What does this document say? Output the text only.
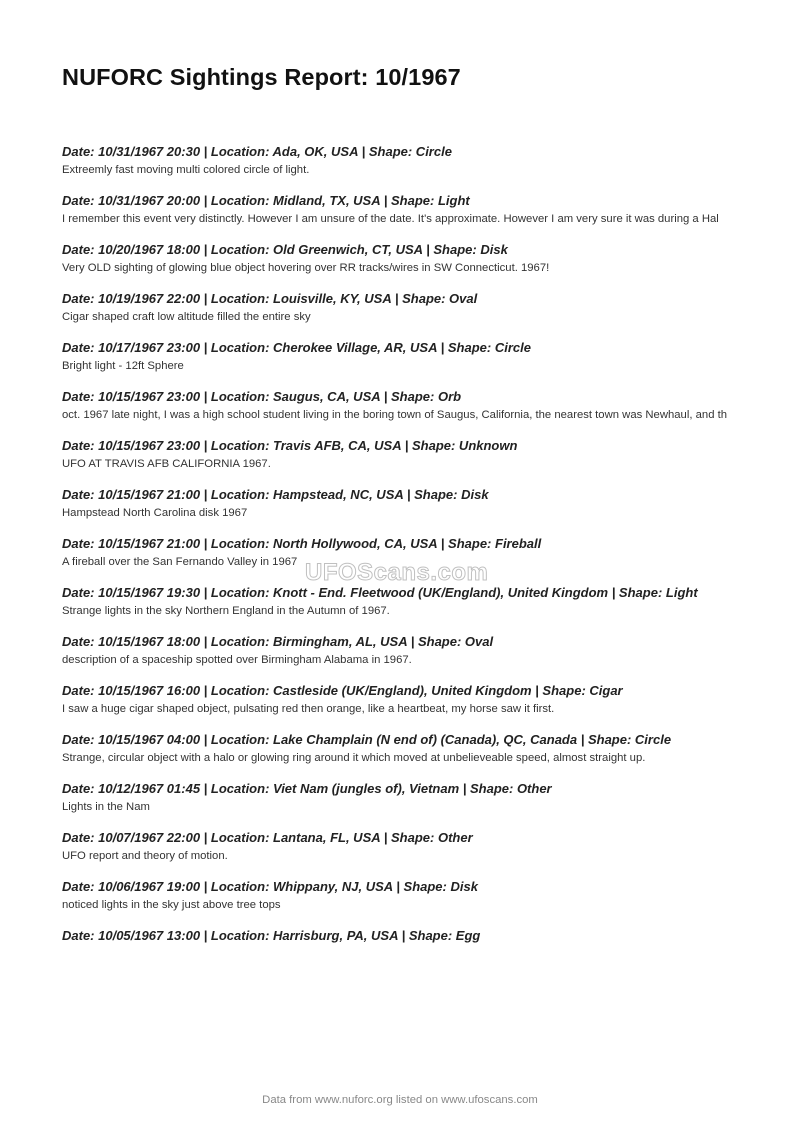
NUFORC Sightings Report: 10/1967
Date: 10/31/1967 20:30 | Location: Ada, OK, USA | Shape: Circle
Extreemly fast moving multi colored circle of light.
Date: 10/31/1967 20:00 | Location: Midland, TX, USA | Shape: Light
I remember this event very distinctly. However I am unsure of the date. It's approximate. However I am very sure it was during a Hal
Date: 10/20/1967 18:00 | Location: Old Greenwich, CT, USA | Shape: Disk
Very OLD sighting of glowing blue object hovering over RR tracks/wires in SW Connecticut. 1967!
Date: 10/19/1967 22:00 | Location: Louisville, KY, USA | Shape: Oval
Cigar shaped craft low altitude filled the entire sky
Date: 10/17/1967 23:00 | Location: Cherokee Village, AR, USA | Shape: Circle
Bright light - 12ft Sphere
Date: 10/15/1967 23:00 | Location: Saugus, CA, USA | Shape: Orb
oct. 1967 late night, I was a high school student living in the boring town of Saugus, California, the nearest town was Newhaul, and th
Date: 10/15/1967 23:00 | Location: Travis AFB, CA, USA | Shape: Unknown
UFO AT TRAVIS AFB CALIFORNIA 1967.
Date: 10/15/1967 21:00 | Location: Hampstead, NC, USA | Shape: Disk
Hampstead North Carolina disk 1967
Date: 10/15/1967 21:00 | Location: North Hollywood, CA, USA | Shape: Fireball
A fireball over the San Fernando Valley in 1967
Date: 10/15/1967 19:30 | Location: Knott - End. Fleetwood (UK/England), United Kingdom | Shape: Light
Strange lights in the sky Northern England in the Autumn of 1967.
Date: 10/15/1967 18:00 | Location: Birmingham, AL, USA | Shape: Oval
description of a spaceship spotted over Birmingham Alabama in 1967.
Date: 10/15/1967 16:00 | Location: Castleside (UK/England), United Kingdom | Shape: Cigar
I saw a huge cigar shaped object, pulsating red then orange, like a heartbeat, my horse saw it first.
Date: 10/15/1967 04:00 | Location: Lake Champlain (N end of) (Canada), QC, Canada | Shape: Circle
Strange, circular object with a halo or glowing ring around it which moved at unbelieveable speed, almost straight up.
Date: 10/12/1967 01:45 | Location: Viet Nam (jungles of), Vietnam | Shape: Other
Lights in the Nam
Date: 10/07/1967 22:00 | Location: Lantana, FL, USA | Shape: Other
UFO report and theory of motion.
Date: 10/06/1967 19:00 | Location: Whippany, NJ, USA | Shape: Disk
noticed lights in the sky just above tree tops
Date: 10/05/1967 13:00 | Location: Harrisburg, PA, USA | Shape: Egg
UFOScans.com
Data from www.nuforc.org listed on www.ufoscans.com
